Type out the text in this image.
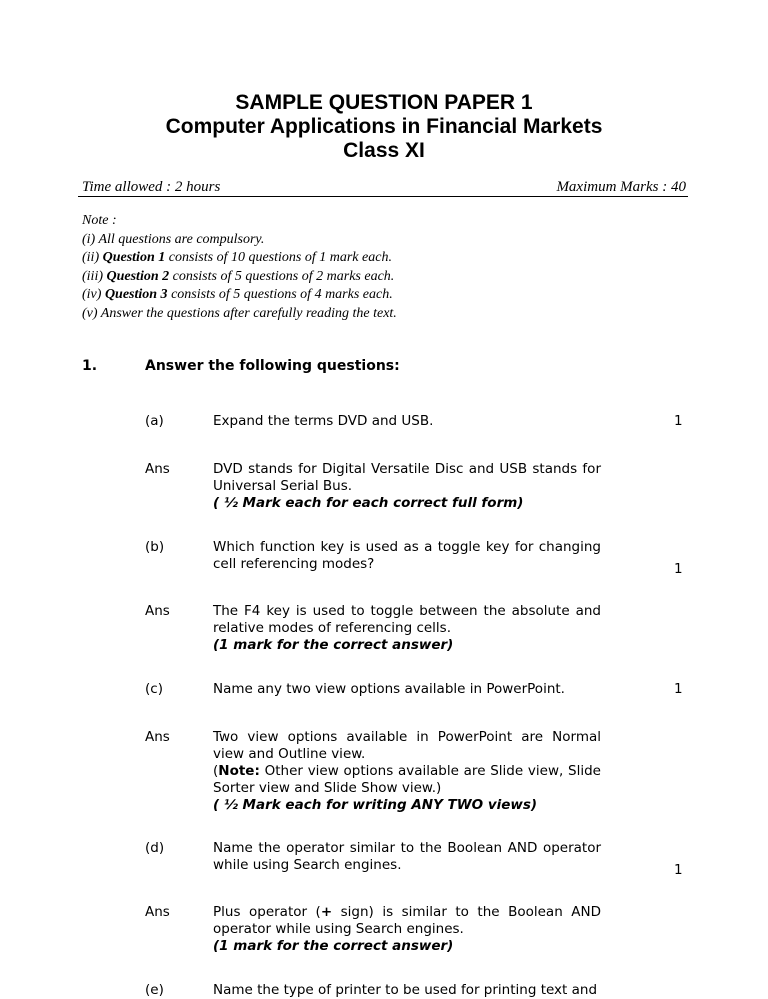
SAMPLE QUESTION PAPER 1
Computer Applications in Financial Markets
Class XI
Time allowed : 2 hours	Maximum Marks : 40
Note :
(i) All questions are compulsory.
(ii) Question 1 consists of 10 questions of 1 mark each.
(iii) Question 2 consists of 5 questions of 2 marks each.
(iv) Question 3 consists of 5 questions of 4 marks each.
(v) Answer the questions after carefully reading the text.
1.	Answer the following questions:
(a)	Expand the terms DVD and USB.	1
Ans	DVD stands for Digital Versatile Disc and USB stands for Universal Serial Bus.
( ½ Mark each for each correct full form)
(b)	Which function key is used as a toggle key for changing cell referencing modes?	1
Ans	The F4 key is used to toggle between the absolute and relative modes of referencing cells.
(1 mark for the correct answer)
(c)	Name any two view options available in PowerPoint.	1
Ans	Two view options available in PowerPoint are Normal view and Outline view.
(Note: Other view options available are Slide view, Slide Sorter view and Slide Show view.)
( ½ Mark each for writing ANY TWO views)
(d)	Name the operator similar to the Boolean AND operator while using Search engines.	1
Ans	Plus operator (+ sign) is similar to the Boolean AND operator while using Search engines.
(1 mark for the correct answer)
(e)	Name the type of printer to be used for printing text and
